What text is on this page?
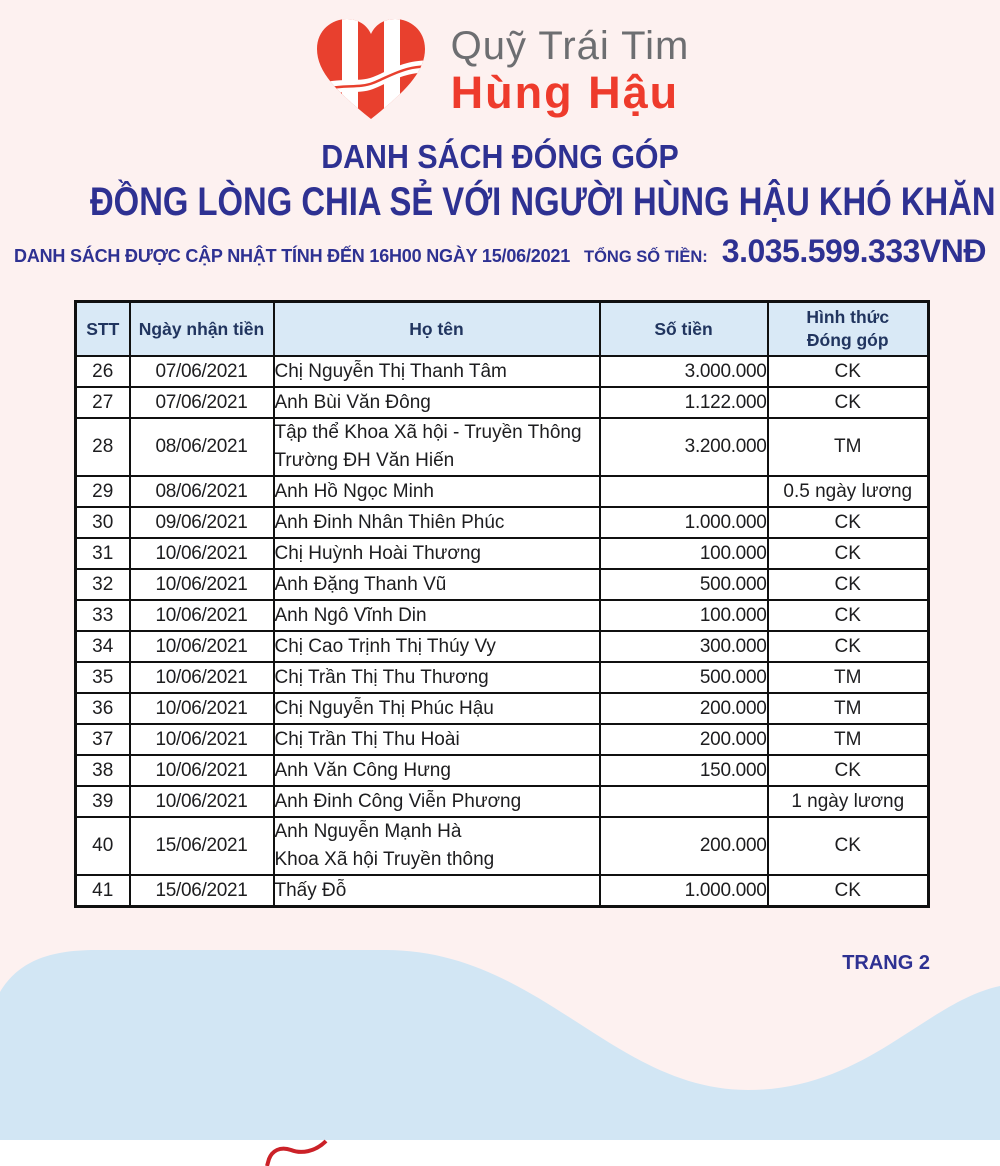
Quỹ Trái Tim
Hùng Hậu
DANH SÁCH ĐÓNG GÓP
ĐỒNG LÒNG CHIA SẺ VỚI NGƯỜI HÙNG HẬU KHÓ KHĂN
DANH SÁCH ĐƯỢC CẬP NHẬT TÍNH ĐẾN 16H00 NGÀY 15/06/2021 TỔNG SỐ TIỀN: 3.035.599.333VNĐ
STT	Ngày nhận tiền	Họ tên	Số tiền	Hình thức
Đóng góp

26	07/06/2021	Chị Nguyễn Thị Thanh Tâm	3.000.000	CK
27	07/06/2021	Anh Bùi Văn Đông	1.122.000	CK
28	08/06/2021	Tập thể Khoa Xã hội - Truyền Thông
Trường ĐH Văn Hiến	3.200.000	TM
29	08/06/2021	Anh Hồ Ngọc Minh		0.5 ngày lương
30	09/06/2021	Anh Đinh Nhân Thiên Phúc	1.000.000	CK
31	10/06/2021	Chị Huỳnh Hoài Thương	100.000	CK
32	10/06/2021	Anh Đặng Thanh Vũ	500.000	CK
33	10/06/2021	Anh Ngô Vĩnh Din	100.000	CK
34	10/06/2021	Chị Cao Trịnh Thị Thúy Vy	300.000	CK
35	10/06/2021	Chị Trần Thị Thu Thương	500.000	TM
36	10/06/2021	Chị Nguyễn Thị Phúc Hậu	200.000	TM
37	10/06/2021	Chị Trần Thị Thu Hoài	200.000	TM
38	10/06/2021	Anh Văn Công Hưng	150.000	CK
39	10/06/2021	Anh Đinh Công Viễn Phương		1 ngày lương
40	15/06/2021	Anh Nguyễn Mạnh Hà
Khoa Xã hội Truyền thông	200.000	CK
41	15/06/2021	Thấy Đỗ	1.000.000	CK
TRANG 2
